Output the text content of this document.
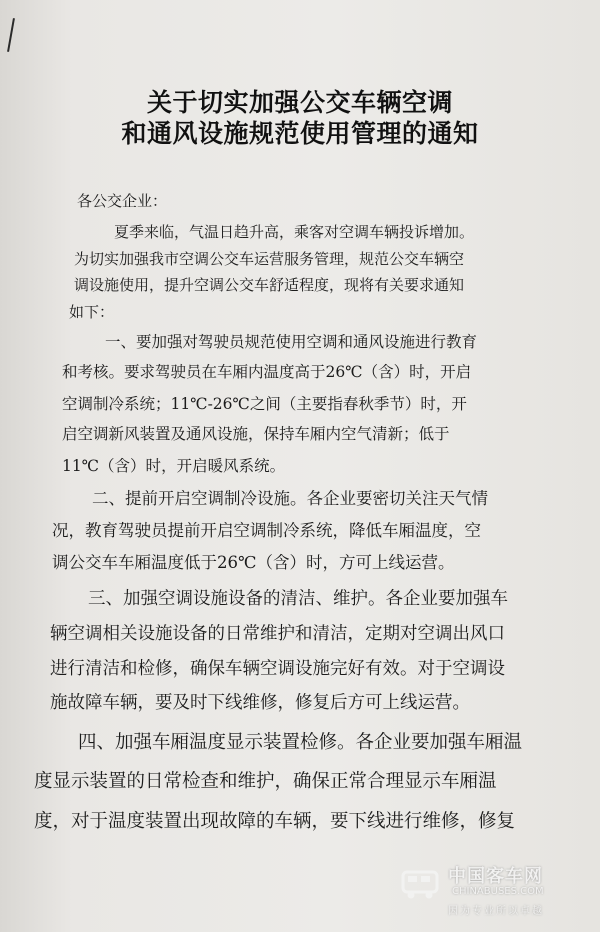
关于切实加强公交车辆空调
和通风设施规范使用管理的通知
各公交企业：
夏季来临，气温日趋升高，乘客对空调车辆投诉增加。
为切实加强我市空调公交车运营服务管理，规范公交车辆空
调设施使用，提升空调公交车舒适程度，现将有关要求通知
如下：
一、要加强对驾驶员规范使用空调和通风设施进行教育
和考核。要求驾驶员在车厢内温度高于26℃（含）时，开启
空调制冷系统；11℃-26℃之间（主要指春秋季节）时，开
启空调新风装置及通风设施，保持车厢内空气清新；低于
11℃（含）时，开启暖风系统。
二、提前开启空调制冷设施。各企业要密切关注天气情
况，教育驾驶员提前开启空调制冷系统，降低车厢温度，空
调公交车车厢温度低于26℃（含）时，方可上线运营。
三、加强空调设施设备的清洁、维护。各企业要加强车
辆空调相关设施设备的日常维护和清洁，定期对空调出风口
进行清洁和检修，确保车辆空调设施完好有效。对于空调设
施故障车辆，要及时下线维修，修复后方可上线运营。
四、加强车厢温度显示装置检修。各企业要加强车厢温
度显示装置的日常检查和维护，确保正常合理显示车厢温
度，对于温度装置出现故障的车辆，要下线进行维修，修复
中国客车网
CHINABUSES.COM
因为专业所以卓越
